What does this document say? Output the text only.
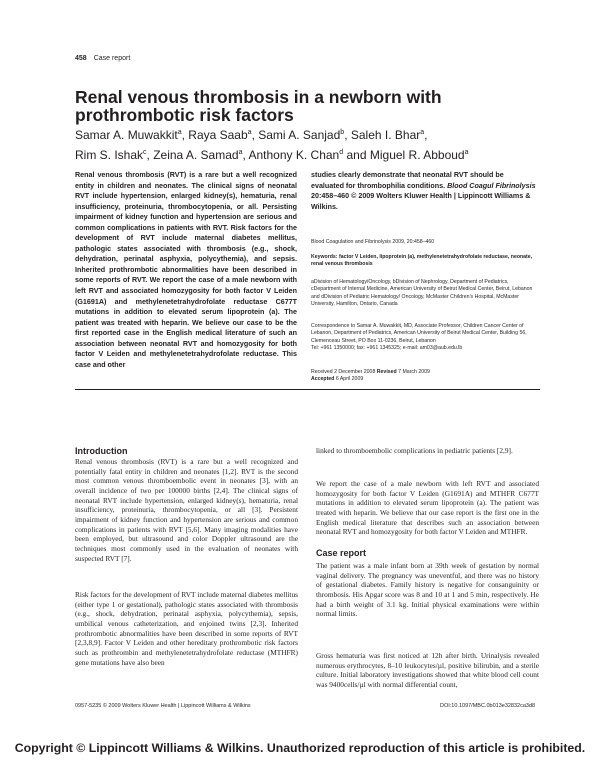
458 Case report
Renal venous thrombosis in a newborn with prothrombotic risk factors
Samar A. Muwakkit$^a$, Raya Saab$^a$, Sami A. Sanjad$^b$, Saleh I. Bhar$^a$,
Rim S. Ishak$^c$, Zeina A. Samad$^a$, Anthony K. Chan$^d$ and Miguel R. Abboud$^a$
Renal venous thrombosis (RVT) is a rare but a well recognized entity in children and neonates. The clinical signs of neonatal RVT include hypertension, enlarged kidney(s), hematuria, renal insufficiency, proteinuria, thrombocytopenia, or all. Persisting impairment of kidney function and hypertension are serious and common complications in patients with RVT. Risk factors for the development of RVT include maternal diabetes mellitus, pathologic states associated with thrombosis (e.g., shock, dehydration, perinatal asphyxia, polycythemia), and sepsis. Inherited prothrombotic abnormalities have been described in some reports of RVT. We report the case of a male newborn with left RVT and associated homozygosity for both factor V Leiden (G1691A) and methylenetetrahydrofolate reductase C677T mutations in addition to elevated serum lipoprotein (a). The patient was treated with heparin. We believe our case to be the first reported case in the English medical literature of such an association between neonatal RVT and homozygosity for both factor V Leiden and methylenetetrahydrofolate reductase. This case and other
studies clearly demonstrate that neonatal RVT should be evaluated for thrombophilia conditions. Blood Coagul Fibrinolysis 20:458–460 © 2009 Wolters Kluwer Health | Lippincott Williams & Wilkins.
Blood Coagulation and Fibrinolysis 2009, 20:458–460
Keywords: factor V Leiden, lipoprotein (a), methylenetetrahydrofolate reductase, neonate, renal venous thrombosis
aDivision of Hematology/Oncology, bDivision of Nephrology, Department of Pediatrics, cDepartment of Internal Medicine, American University of Beirut Medical Center, Beirut, Lebanon and dDivision of Pediatric Hematology/ Oncology, McMaster Children’s Hospital, McMaster University, Hamilton, Ontario, Canada
Correspondence to Samar A. Muwakkit, MD, Associate Professor, Children Cancer Center of Lebanon, Department of Pediatrics, American University of Beirut Medical Center, Building 56, Clemenceau Street, PO Box 11-0236, Beirut, Lebanon
Tel: +961 1350000; fax: +961 1345325; e-mail: am03@aub.edu.lb
Received 2 December 2008 Revised 7 March 2009
Accepted 6 April 2009
Introduction
Renal venous thrombosis (RVT) is a rare but a well recognized and potentially fatal entity in children and neonates [1,2]. RVT is the second most common venous thromboembolic event in neonates [3], with an overall incidence of two per 100000 births [2,4]. The clinical signs of neonatal RVT include hypertension, enlarged kidney(s), hematuria, renal insufficiency, proteinuria, thrombocytopenia, or all [3]. Persistent impairment of kidney function and hypertension are serious and common complications in patients with RVT [5,6]. Many imaging modalities have been employed, but ultrasound and color Doppler ultrasound are the techniques most commonly used in the evaluation of neonates with suspected RVT [7].
Risk factors for the development of RVT include maternal diabetes mellitus (either type 1 or gestational), pathologic states associated with thrombosis (e.g., shock, dehydration, perinatal asphyxia, polycythemia), sepsis, umbilical venous catheterization, and enjoined twins [2,3]. Inherited prothrombotic abnormalities have been described in some reports of RVT [2,3,8,9]. Factor V Leiden and other hereditary prothrombotic risk factors such as prothrombin and methylenetetrahydrofolate reductase (MTHFR) gene mutations have also been
linked to thromboembolic complications in pediatric patients [2,9].
We report the case of a male newborn with left RVT and associated homozygosity for both factor V Leiden (G1691A) and MTHFR C677T mutations in addition to elevated serum lipoprotein (a). The patient was treated with heparin. We believe that our case report is the first one in the English medical literature that describes such an association between neonatal RVT and homozygosity for both factor V Leiden and MTHFR.
Case report
The patient was a male infant born at 39th week of gestation by normal vaginal delivery. The pregnancy was uneventful, and there was no history of gestational diabetes. Family history is negative for consanguinity or thrombosis. His Apgar score was 8 and 10 at 1 and 5 min, respectively. He had a birth weight of 3.1 kg. Initial physical examinations were within normal limits.
Gross hematuria was first noticed at 12h after birth. Urinalysis revealed numerous erythrocytes, 8–10 leukocytes/µl, positive bilirubin, and a sterile culture. Initial laboratory investigations showed that white blood cell count was 9400cells/µl with normal differential count,
0957-5235 © 2009 Wolters Kluwer Health | Lippincott Williams & Wilkins	DOI:10.1097/MBC.0b013e32832ca3d8
Copyright © Lippincott Williams & Wilkins. Unauthorized reproduction of this article is prohibited.
